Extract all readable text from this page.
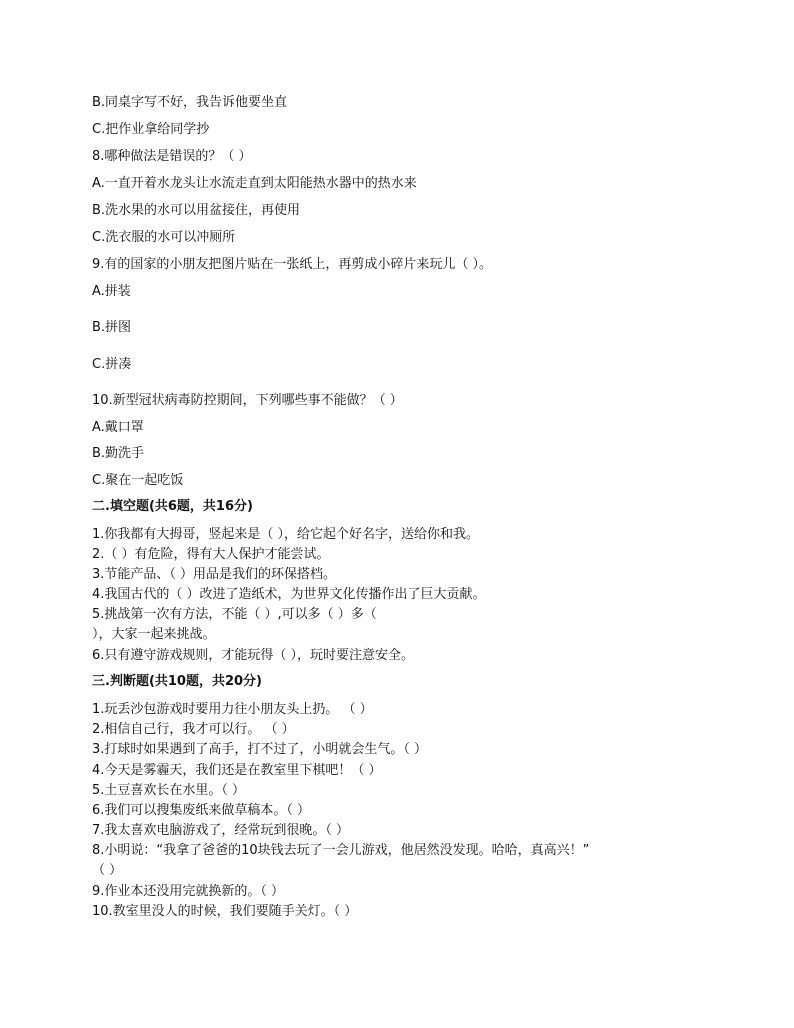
B.同桌字写不好，我告诉他要坐直
C.把作业拿给同学抄
8.哪种做法是错误的？（ ）
A.一直开着水龙头让水流走直到太阳能热水器中的热水来
B.洗水果的水可以用盆接住，再使用
C.洗衣服的水可以冲厕所
9.有的国家的小朋友把图片贴在一张纸上，再剪成小碎片来玩儿（ ）。
A.拼装
B.拼图
C.拼凑
10.新型冠状病毒防控期间，下列哪些事不能做？（ ）
A.戴口罩
B.勤洗手
C.聚在一起吃饭
二.填空题(共6题，共16分)
1.你我都有大拇哥，竖起来是（ ），给它起个好名字，送给你和我。
2.（ ）有危险，得有大人保护才能尝试。
3.节能产品、（ ）用品是我们的环保搭档。
4.我国古代的（ ）改进了造纸术，为世界文化传播作出了巨大贡献。
5.挑战第一次有方法，不能（ ）,可以多（ ）多（
），大家一起来挑战。
6.只有遵守游戏规则，才能玩得（ ），玩时要注意安全。
三.判断题(共10题，共20分)
1.玩丢沙包游戏时要用力往小朋友头上扔。 （ ）
2.相信自己行，我才可以行。 （ ）
3.打球时如果遇到了高手，打不过了，小明就会生气。（ ）
4.今天是雾霾天，我们还是在教室里下棋吧！（ ）
5.土豆喜欢长在水里。（ ）
6.我们可以搜集废纸来做草稿本。（ ）
7.我太喜欢电脑游戏了，经常玩到很晚。（ ）
8.小明说：“我拿了爸爸的10块钱去玩了一会儿游戏，他居然没发现。哈哈，真高兴！”
（ ）
9.作业本还没用完就换新的。（ ）
10.教室里没人的时候，我们要随手关灯。（ ）
